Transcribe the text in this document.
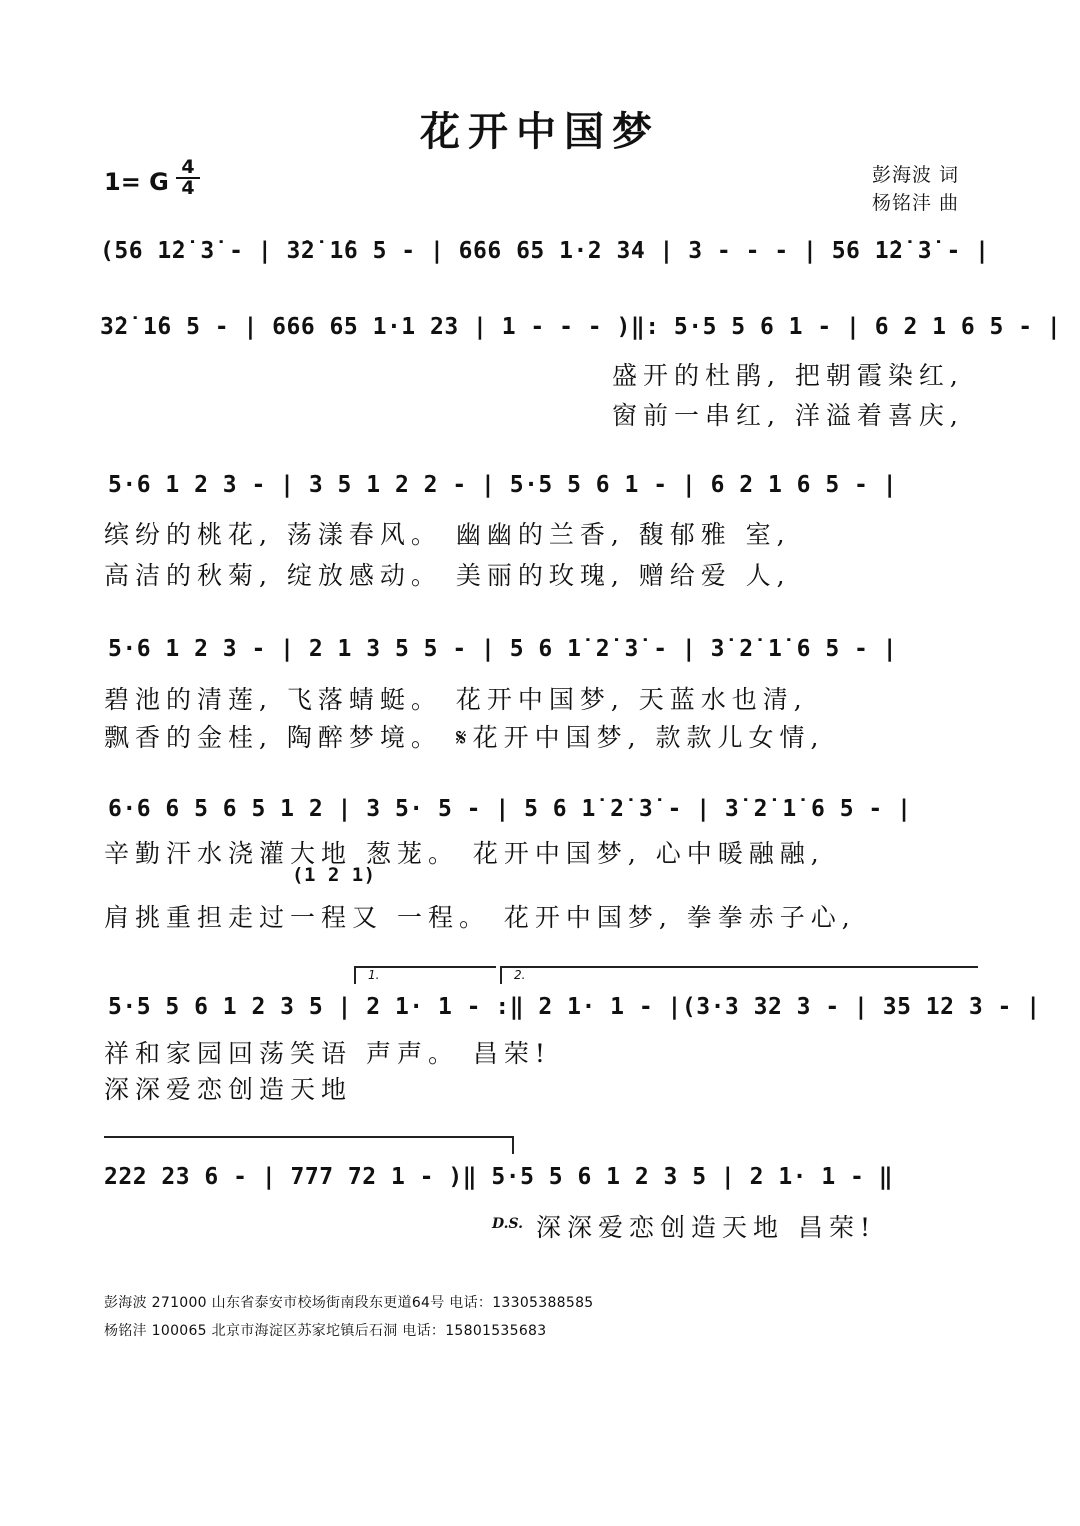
花开中国梦
1= G
4
4
彭海波 词
杨铭沣 曲
(56 1̇2̇ 3̇ - | 3̇2̇ 1̇6 5 - | 666 65 1·2 34 | 3 - - - | 56 1̇2̇ 3̇ - |
3̇2̇ 1̇6 5 - | 666 65 1·1 23 | 1 - - - )‖: 5·5 5 6 1 - | 6 2 1 6 5 - |
盛开的杜鹃, 把朝霞染红,
窗前一串红, 洋溢着喜庆,
5·6 1 2 3 - | 3 5 1 2 2 - | 5·5 5 6 1 - | 6 2 1 6 5 - |
缤纷的桃花, 荡漾春风。 幽幽的兰香, 馥郁雅 室,
高洁的秋菊, 绽放感动。 美丽的玫瑰, 赠给爱 人,
5·6 1 2 3 - | 2 1 3 5 5 - | 5 6 1̇ 2̇ 3̇ - | 3̇ 2̇ 1̇ 6 5 - |
碧池的清莲, 飞落蜻蜓。 花开中国梦, 天蓝水也清,
飘香的金桂, 陶醉梦境。 𝄋花开中国梦, 款款儿女情,
6·6 6 5 6 5 1 2 | 3 5· 5 - | 5 6 1̇ 2̇ 3̇ - | 3̇ 2̇ 1̇ 6 5 - |
辛勤汗水浇灌大地 葱茏。 花开中国梦, 心中暖融融,
(1 2 1)
肩挑重担走过一程又 一程。 花开中国梦, 拳拳赤子心,
1.	2.
5·5 5 6 1 2 3 5 | 2 1· 1 - :‖ 2 1· 1 - |(3·3 32 3 - | 35 12 3 - |
祥和家园回荡笑语 声声。 昌荣!
深深爱恋创造天地
222 23 6 - | 777 72 1 - )‖ 5·5 5 6 1 2 3 5 | 2 1· 1 - ‖
D.S. 深深爱恋创造天地 昌荣!
彭海波 271000 山东省泰安市校场街南段东更道64号 电话：13305388585
杨铭沣 100065 北京市海淀区苏家坨镇后石洞 电话：15801535683
